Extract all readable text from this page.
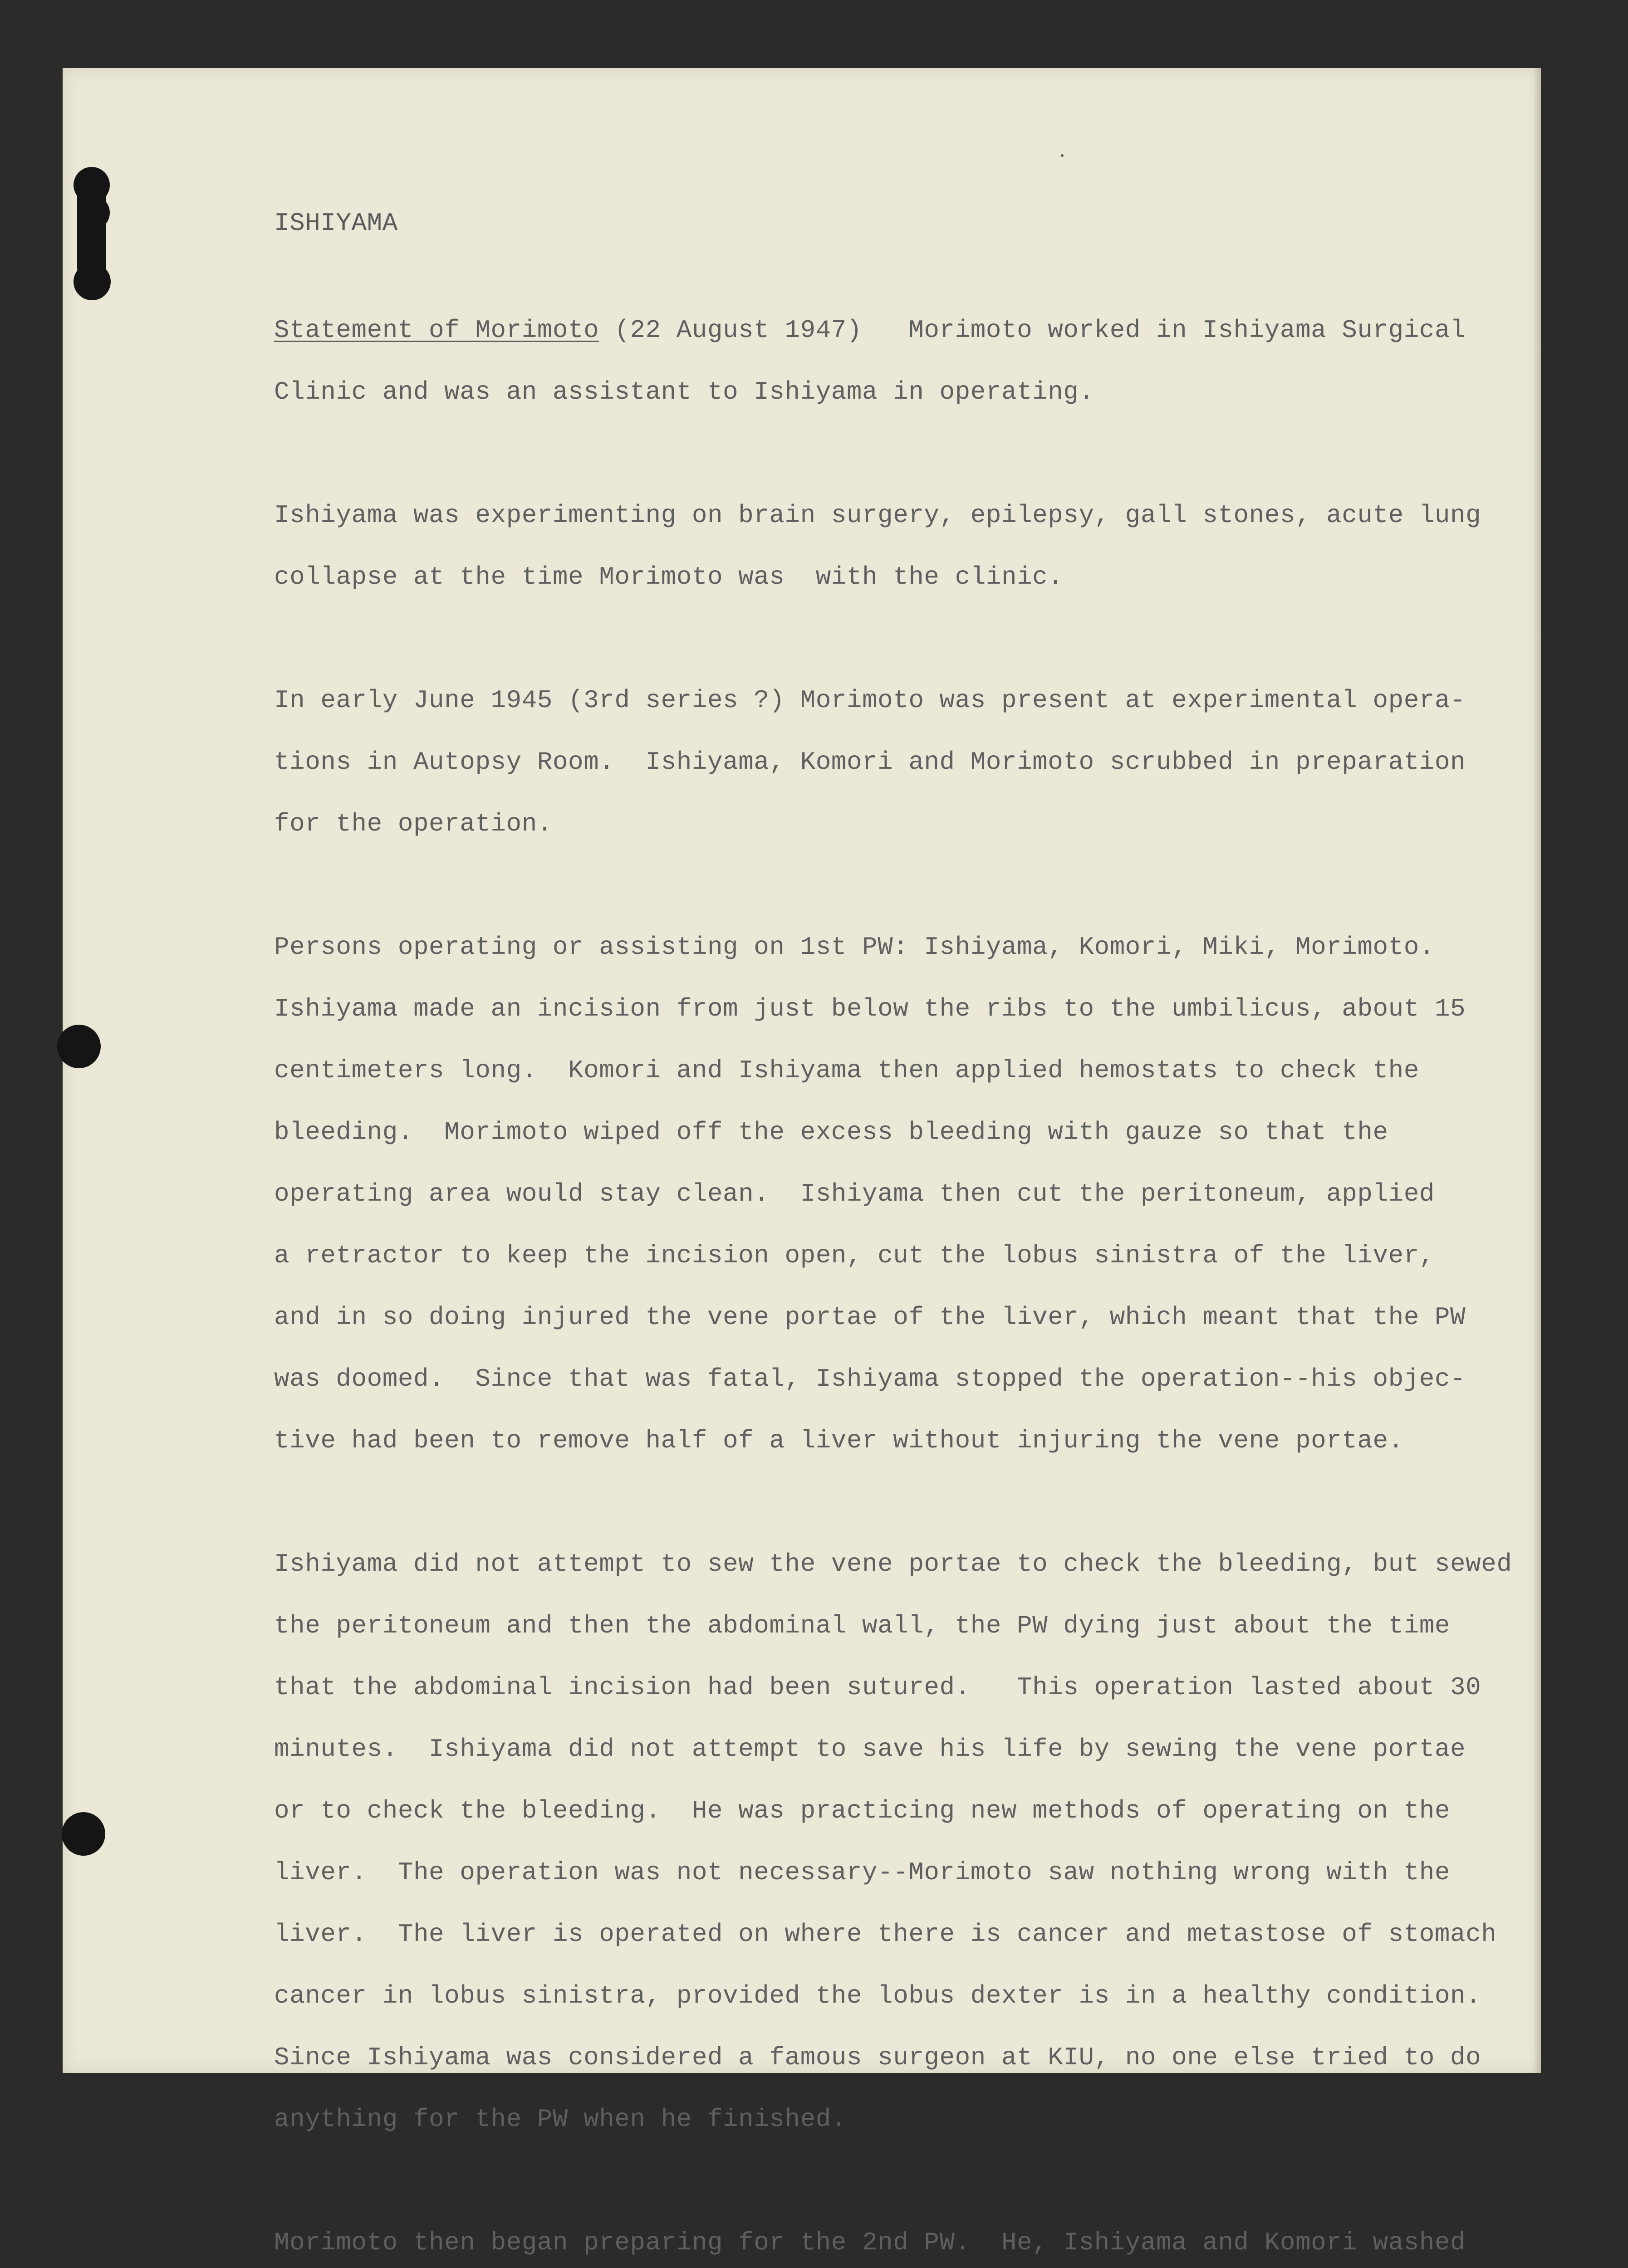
ISHIYAMA

Statement of Morimoto (22 August 1947)   Morimoto worked in Ishiyama Surgical

Clinic and was an assistant to Ishiyama in operating.

Ishiyama was experimenting on brain surgery, epilepsy, gall stones, acute lung

collapse at the time Morimoto was  with the clinic.

In early June 1945 (3rd series ?) Morimoto was present at experimental opera-

tions in Autopsy Room.  Ishiyama, Komori and Morimoto scrubbed in preparation

for the operation.

Persons operating or assisting on 1st PW: Ishiyama, Komori, Miki, Morimoto.

Ishiyama made an incision from just below the ribs to the umbilicus, about 15

centimeters long.  Komori and Ishiyama then applied hemostats to check the

bleeding.  Morimoto wiped off the excess bleeding with gauze so that the

operating area would stay clean.  Ishiyama then cut the peritoneum, applied

a retractor to keep the incision open, cut the lobus sinistra of the liver,

and in so doing injured the vene portae of the liver, which meant that the PW

was doomed.  Since that was fatal, Ishiyama stopped the operation--his objec-

tive had been to remove half of a liver without injuring the vene portae.

Ishiyama did not attempt to sew the vene portae to check the bleeding, but sewed

the peritoneum and then the abdominal wall, the PW dying just about the time

that the abdominal incision had been sutured.   This operation lasted about 30

minutes.  Ishiyama did not attempt to save his life by sewing the vene portae

or to check the bleeding.  He was practicing new methods of operating on the

liver.  The operation was not necessary--Morimoto saw nothing wrong with the

liver.  The liver is operated on where there is cancer and metastose of stomach

cancer in lobus sinistra, provided the lobus dexter is in a healthy condition.

Since Ishiyama was considered a famous surgeon at KIU, no one else tried to do

anything for the PW when he finished.

Morimoto then began preparing for the 2nd PW.  He, Ishiyama and Komori washed
